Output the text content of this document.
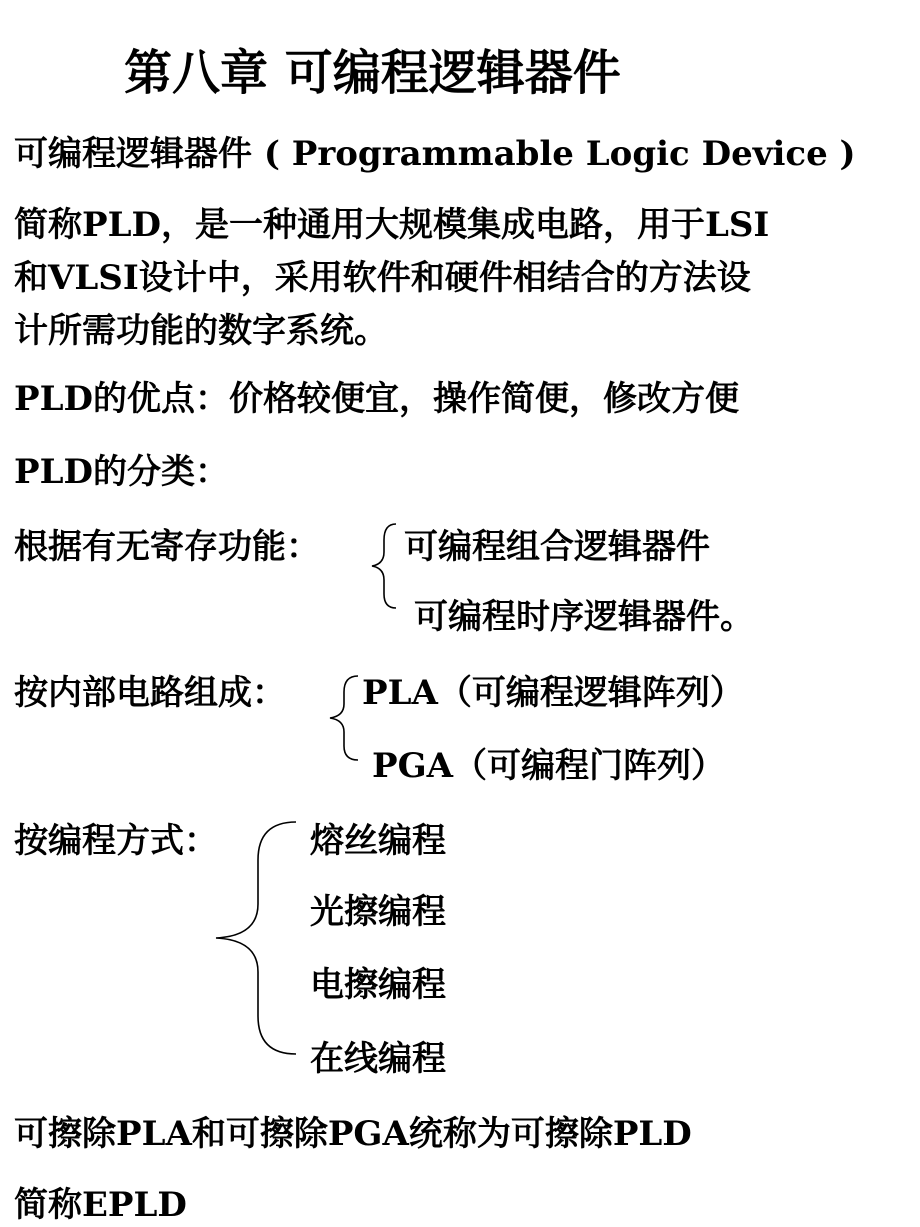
第八章 可编程逻辑器件
可编程逻辑器件 ( Programmable Logic Device )
简称PLD，是一种通用大规模集成电路，用于LSI
和VLSI设计中，采用软件和硬件相结合的方法设
计所需功能的数字系统。
PLD的优点：价格较便宜，操作简便，修改方便
PLD的分类：
根据有无寄存功能： 可编程组合逻辑器件
可编程时序逻辑器件。
按内部电路组成： PLA（可编程逻辑阵列）
PGA（可编程门阵列）
按编程方式：	熔丝编程
光擦编程
电擦编程
在线编程
可擦除PLA和可擦除PGA统称为可擦除PLD
简称EPLD
